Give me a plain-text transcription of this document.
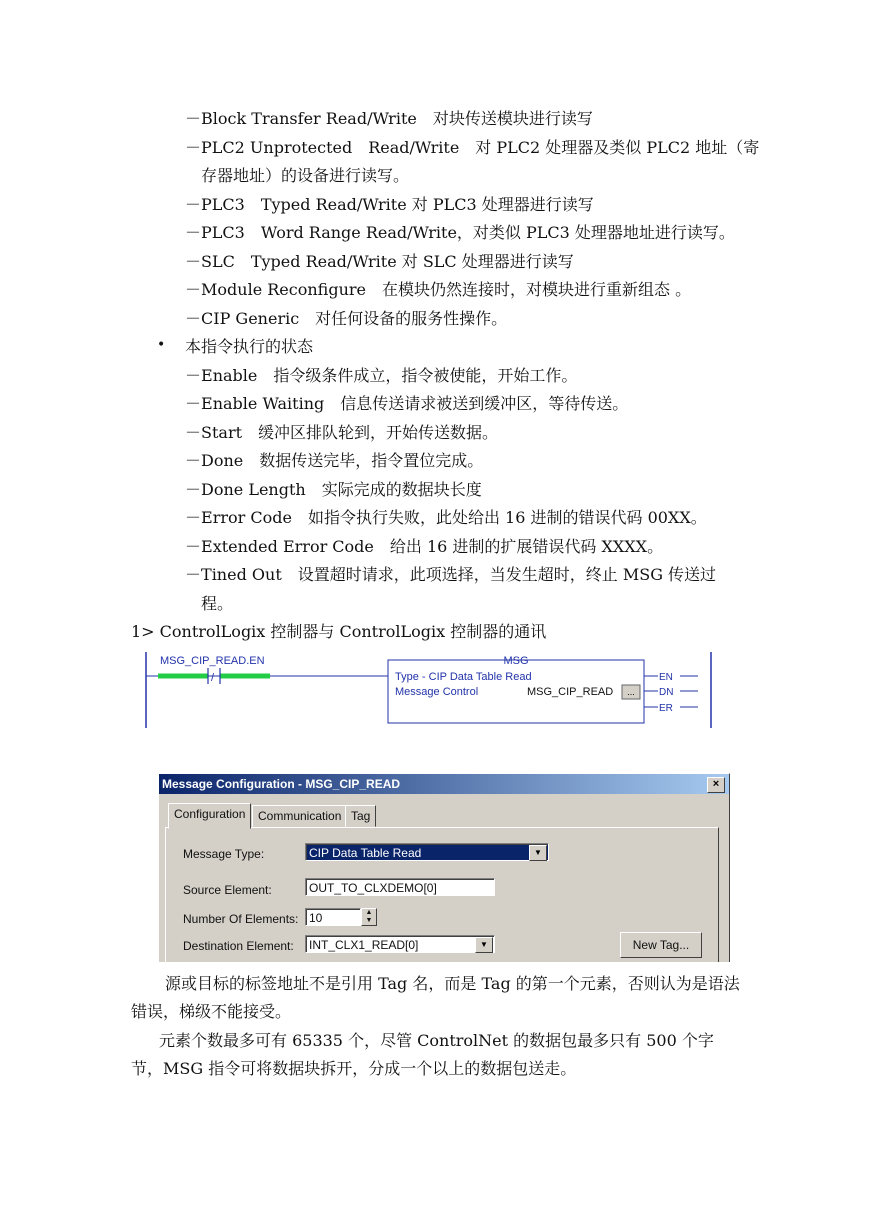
－Block Transfer Read/Write　对块传送模块进行读写
－PLC2 Unprotected　Read/Write　对 PLC2 处理器及类似 PLC2 地址（寄
存器地址）的设备进行读写。
－PLC3　Typed Read/Write 对 PLC3 处理器进行读写
－PLC3　Word Range Read/Write，对类似 PLC3 处理器地址进行读写。
－SLC　Typed Read/Write 对 SLC 处理器进行读写
－Module Reconfigure　在模块仍然连接时，对模块进行重新组态 。
－CIP Generic　对任何设备的服务性操作。
• 本指令执行的状态
－Enable　指令级条件成立，指令被使能，开始工作。
－Enable Waiting　信息传送请求被送到缓冲区，等待传送。
－Start　缓冲区排队轮到，开始传送数据。
－Done　数据传送完毕，指令置位完成。
－Done Length　实际完成的数据块长度
－Error Code　如指令执行失败，此处给出 16 进制的错误代码 00XX。
－Extended Error Code　给出 16 进制的扩展错误代码 XXXX。
－Tined Out　设置超时请求，此项选择，当发生超时，终止 MSG 传送过
程。
1> ControlLogix 控制器与 ControlLogix 控制器的通讯
MSG_CIP_READ.EN
/
MSG
Type - CIP Data Table Read
Message Control	MSG_CIP_READ ...
EN
DN
ER
Message Configuration - MSG_CIP_READ	×
Configuration	Communication Tag
Message Type:	CIP Data Table Read	▼
Source Element:	OUT_TO_CLXDEMO[0]
Number Of Elements: 10	▲
▼
Destination Element:	INT_CLX1_READ[0]	▼	New Tag...
源或目标的标签地址不是引用 Tag 名，而是 Tag 的第一个元素，否则认为是语法错误，梯级不能接受。
元素个数最多可有 65335 个，尽管 ControlNet 的数据包最多只有 500 个字节，MSG 指令可将数据块拆开，分成一个以上的数据包送走。
